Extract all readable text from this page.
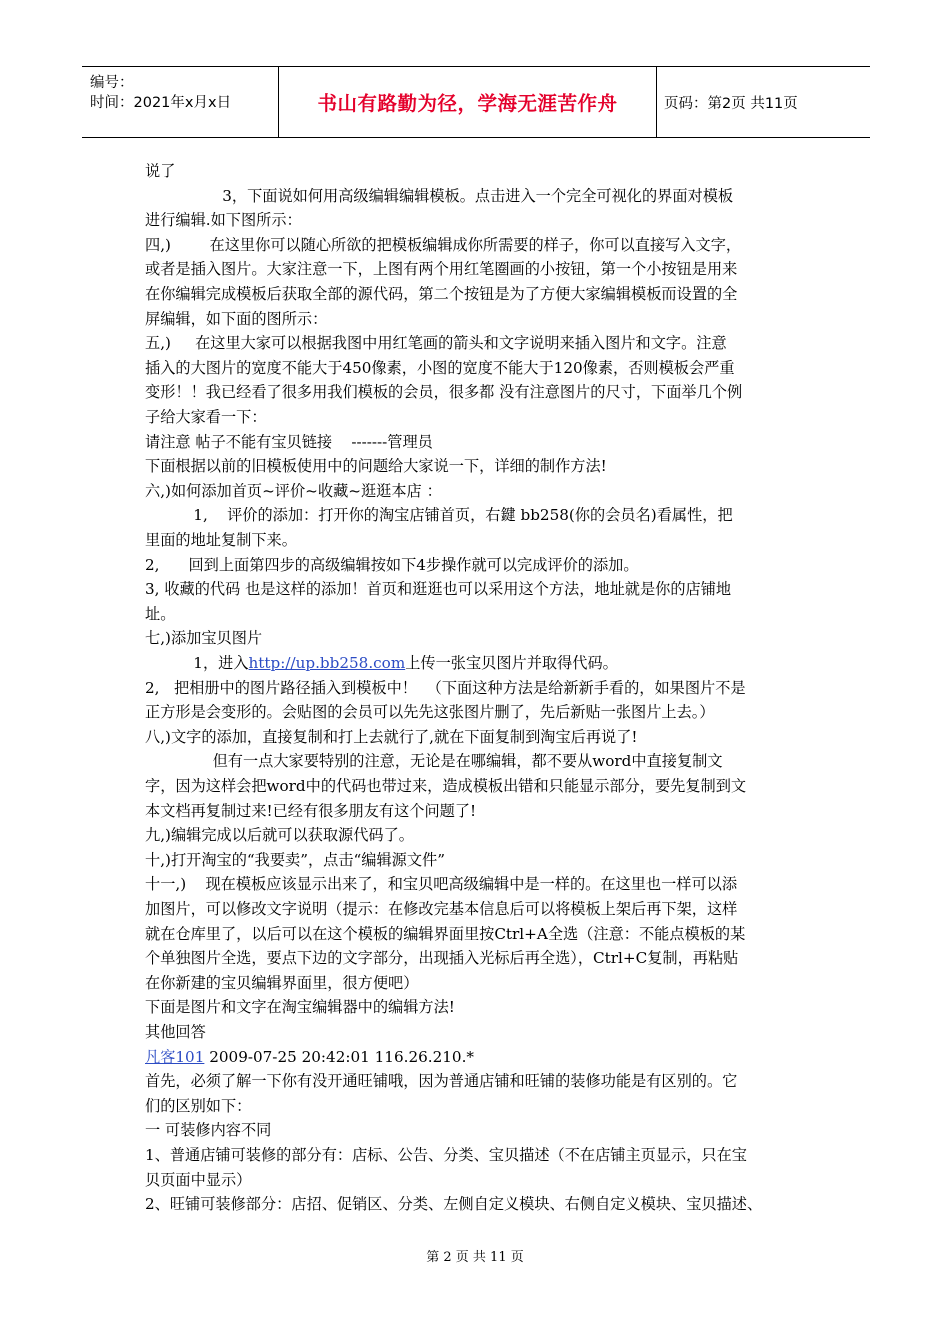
编号：
时间：2021年x月x日	书山有路勤为径，学海无涯苦作舟	页码：第2页 共11页
说了
3，下面说如何用高级编辑编辑模板。点击进入一个完全可视化的界面对模板
进行编辑.如下图所示：
四,)        在这里你可以随心所欲的把模板编辑成你所需要的样子，你可以直接写入文字，
或者是插入图片。大家注意一下，上图有两个用红笔圈画的小按钮，第一个小按钮是用来
在你编辑完成模板后获取全部的源代码，第二个按钮是为了方便大家编辑模板而设置的全
屏编辑，如下面的图所示：
五,)     在这里大家可以根据我图中用红笔画的箭头和文字说明来插入图片和文字。注意
插入的大图片的宽度不能大于450像素，小图的宽度不能大于120像素，否则模板会严重
变形！！我已经看了很多用我们模板的会员，很多都 没有注意图片的尺寸，下面举几个例
子给大家看一下：
请注意 帖子不能有宝贝链接    -------管理员
下面根据以前的旧模板使用中的问题给大家说一下，详细的制作方法!
六,)如何添加首页~评价~收藏~逛逛本店 ：
1,    评价的添加：打开你的淘宝店铺首页，右鍵 bb258(你的会员名)看属性，把
里面的地址复制下来。
2,      回到上面第四步的高级编辑按如下4步操作就可以完成评价的添加。
3, 收藏的代码 也是这样的添加！首页和逛逛也可以采用这个方法，地址就是你的店铺地
址。
七,)添加宝贝图片
1，进入http://up.bb258.com上传一张宝贝图片并取得代码。
2,   把相册中的图片路径插入到模板中！  （下面这种方法是给新新手看的，如果图片不是
正方形是会变形的。会贴图的会员可以先先这张图片删了，先后新贴一张图片上去。）
八,)文字的添加，直接复制和打上去就行了,就在下面复制到淘宝后再说了!
但有一点大家要特别的注意，无论是在哪编辑，都不要从word中直接复制文
字，因为这样会把word中的代码也带过来，造成模板出错和只能显示部分，要先复制到文
本文档再复制过来!已经有很多朋友有这个问题了!
九,)编辑完成以后就可以获取源代码了。
十,)打开淘宝的“我要卖”，点击“编辑源文件”
十一,)    现在模板应该显示出来了，和宝贝吧高级编辑中是一样的。在这里也一样可以添
加图片，可以修改文字说明（提示：在修改完基本信息后可以将模板上架后再下架，这样
就在仓库里了，以后可以在这个模板的编辑界面里按Ctrl+A全选（注意：不能点模板的某
个单独图片全选，要点下边的文字部分，出现插入光标后再全选），Ctrl+C复制，再粘贴
在你新建的宝贝编辑界面里，很方便吧）
下面是图片和文字在淘宝编辑器中的编辑方法!
其他回答
凡客101 2009-07-25 20:42:01 116.26.210.*
首先，必须了解一下你有没开通旺铺哦，因为普通店铺和旺铺的装修功能是有区别的。它
们的区别如下：
一 可装修内容不同
1、普通店铺可装修的部分有：店标、公告、分类、宝贝描述（不在店铺主页显示，只在宝
贝页面中显示）
2、旺铺可装修部分：店招、促销区、分类、左侧自定义模块、右侧自定义模块、宝贝描述、
第 2 页 共 11 页
